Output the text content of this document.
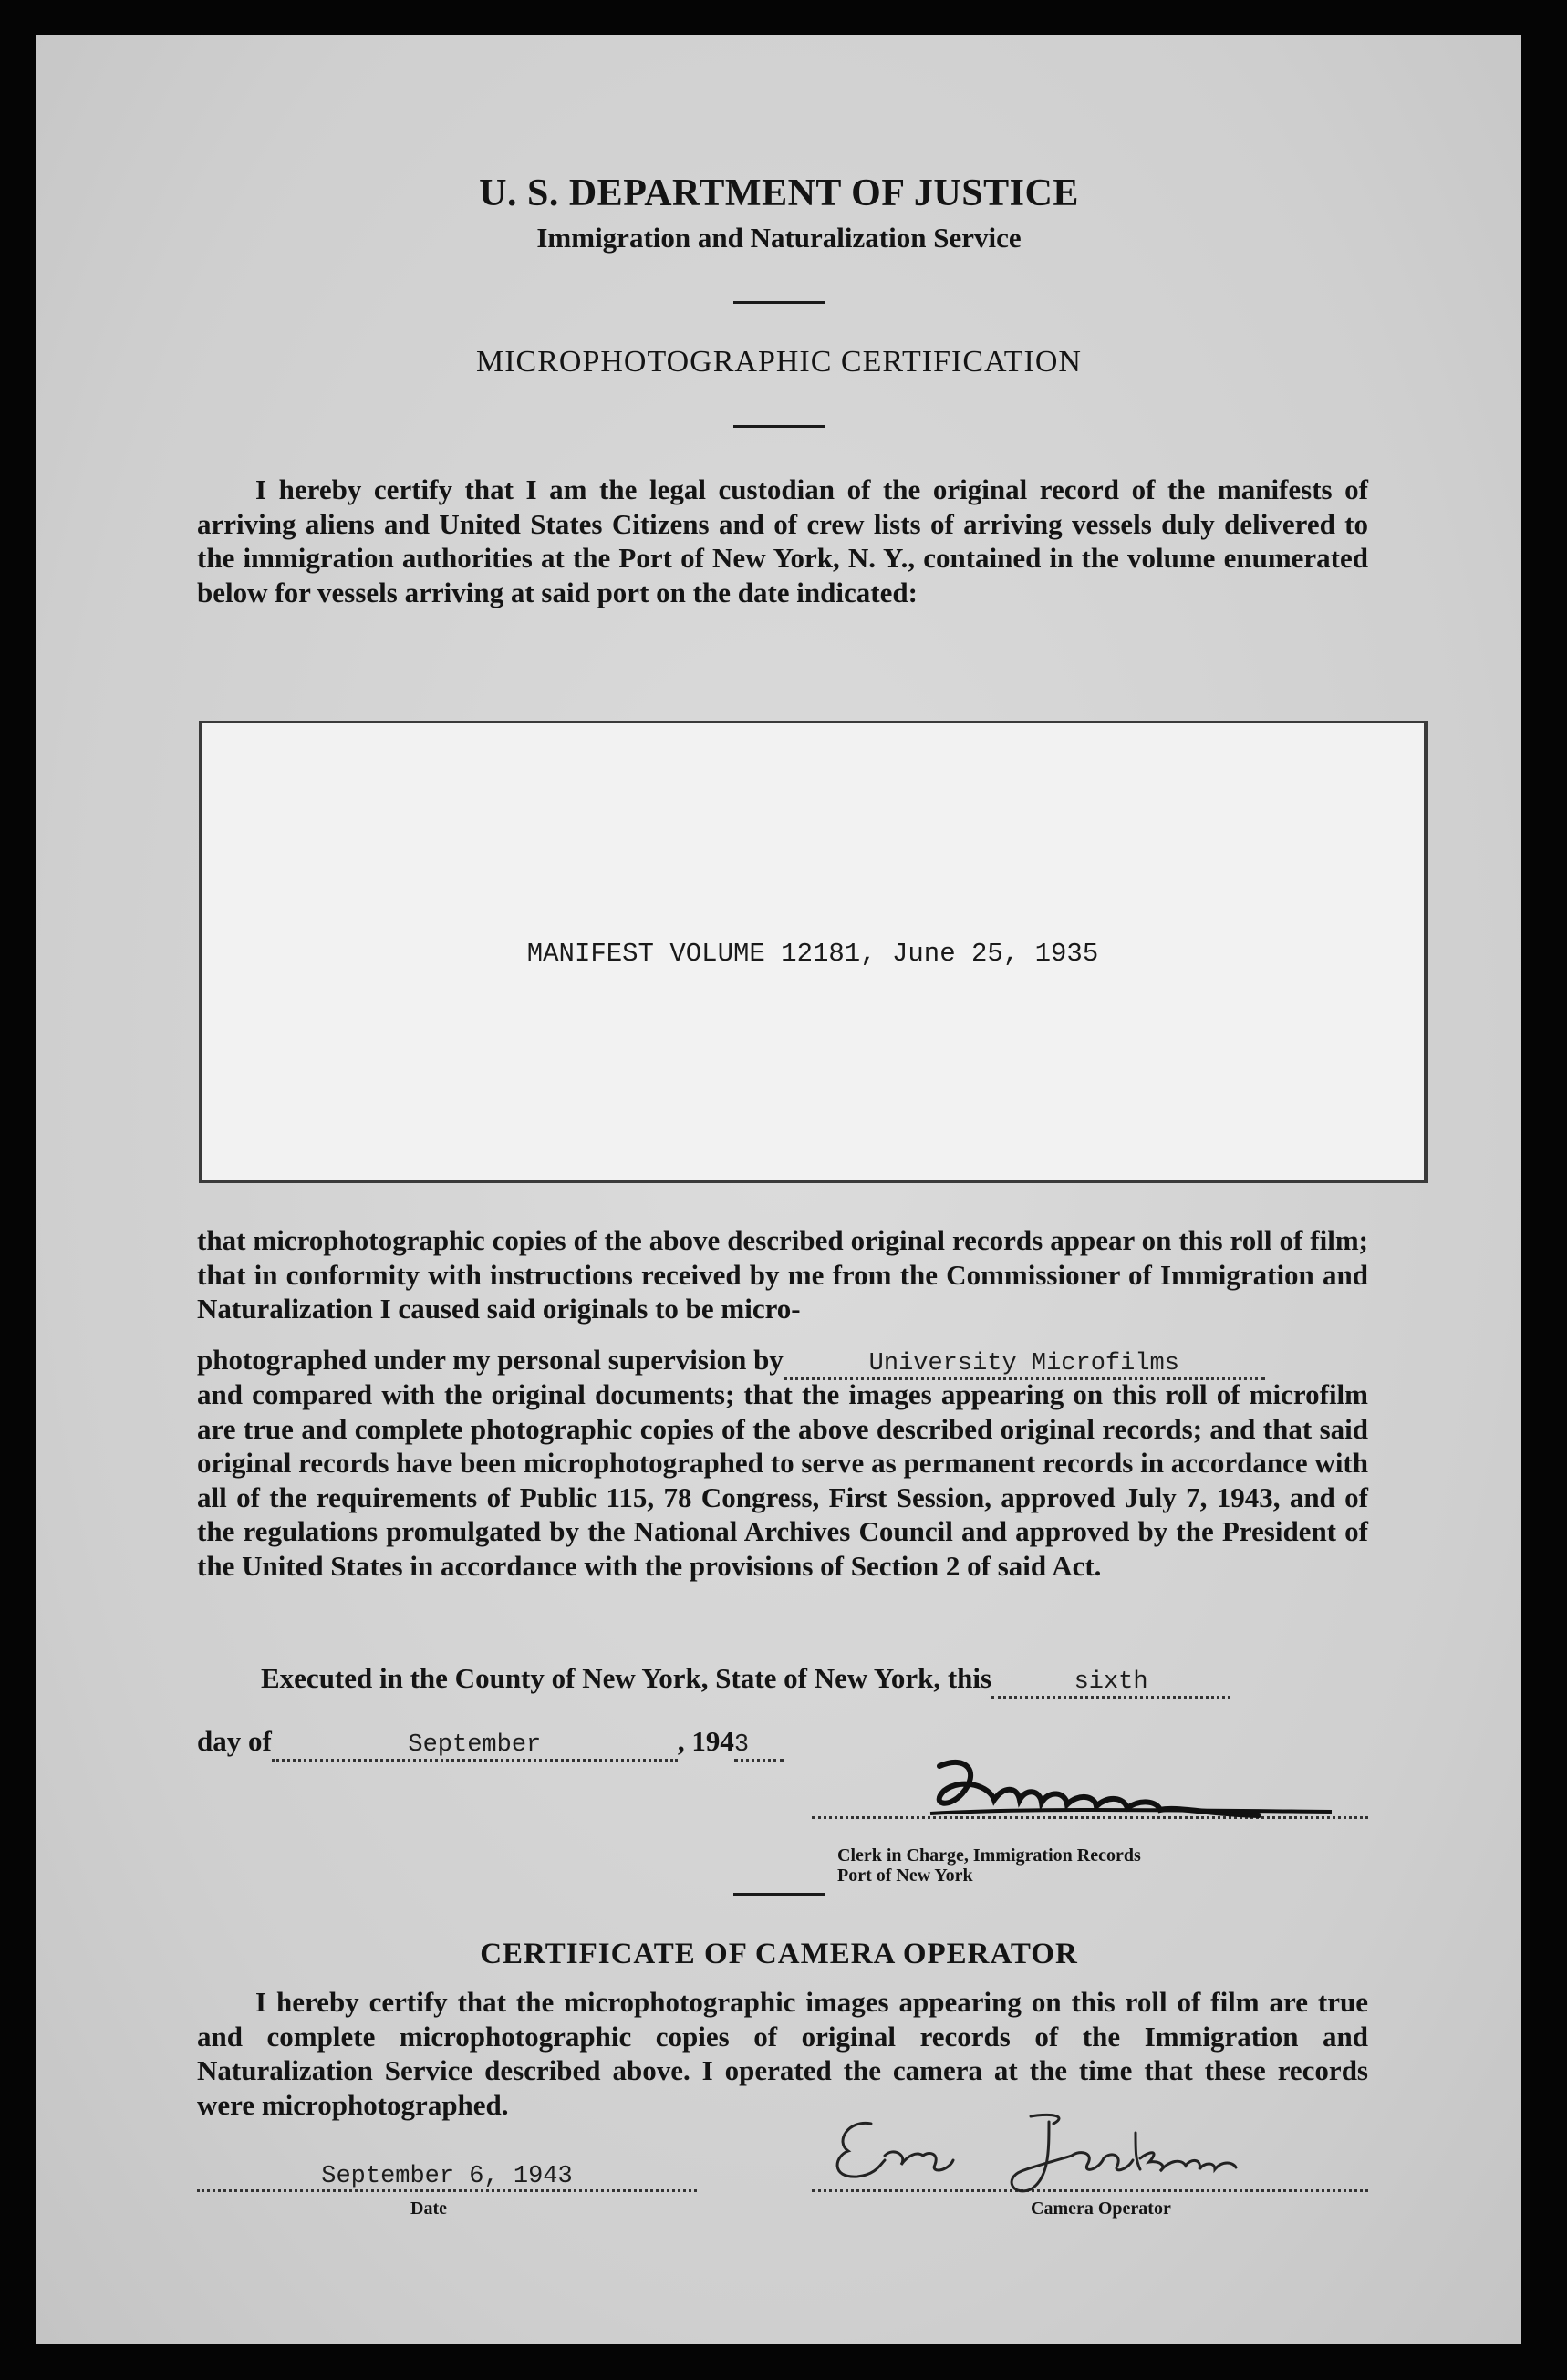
U. S. DEPARTMENT OF JUSTICE
Immigration and Naturalization Service
MICROPHOTOGRAPHIC CERTIFICATION

I hereby certify that I am the legal custodian of the original record of the manifests of arriving aliens and United States Citizens and of crew lists of arriving vessels duly delivered to the immigration authorities at the Port of New York, N. Y., contained in the volume enumerated below for vessels arriving at said port on the date indicated:

MANIFEST VOLUME 12181, June 25, 1935

that microphotographic copies of the above described original records appear on this roll of film; that in conformity with instructions received by me from the Commissioner of Immigration and Naturalization I caused said originals to be micro-

photographed under my personal supervision by	University Microfilms

and compared with the original documents; that the images appearing on this roll of microfilm are true and complete photographic copies of the above described original records; and that said original records have been microphotographed to serve as permanent records in accordance with all of the requirements of Public 115, 78 Congress, First Session, approved July 7, 1943, and of the regulations promulgated by the National Archives Council and approved by the President of the United States in accordance with the provisions of Section 2 of said Act.

Executed in the County of New York, State of New York, this	sixth
day of	September	, 1943
Clerk in Charge, Immigration Records
Port of New York
CERTIFICATE OF CAMERA OPERATOR

I hereby certify that the microphotographic images appearing on this roll of film are true and complete microphotographic copies of original records of the Immigration and Naturalization Service described above. I operated the camera at the time that these records were microphotographed.

September 6, 1943
Date	Camera Operator
